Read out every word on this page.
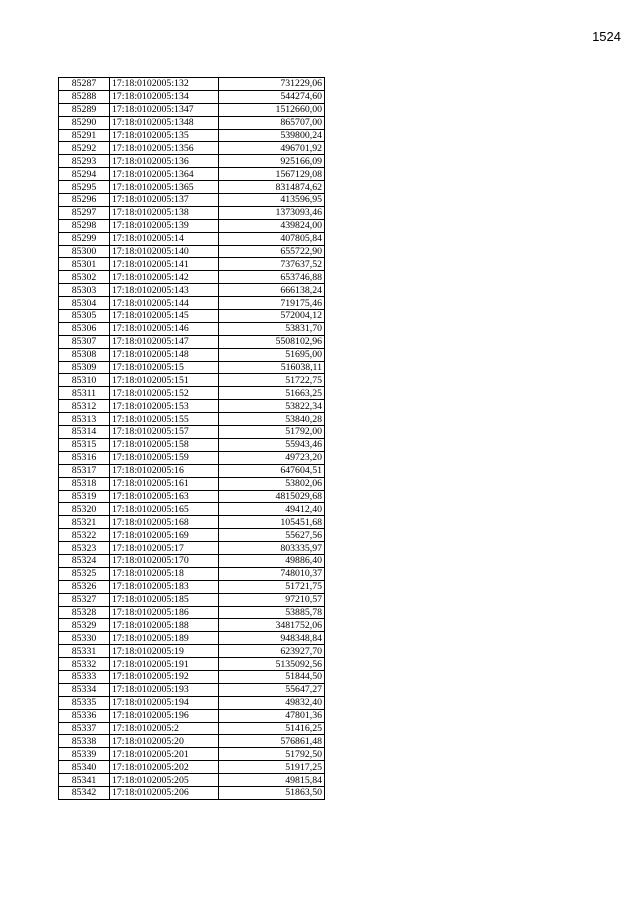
1524
85287	17:18:0102005:132	731229,06
85288	17:18:0102005:134	544274,60
85289	17:18:0102005:1347	1512660,00
85290	17:18:0102005:1348	865707,00
85291	17:18:0102005:135	539800,24
85292	17:18:0102005:1356	496701,92
85293	17:18:0102005:136	925166,09
85294	17:18:0102005:1364	1567129,08
85295	17:18:0102005:1365	8314874,62
85296	17:18:0102005:137	413596,95
85297	17:18:0102005:138	1373093,46
85298	17:18:0102005:139	439824,00
85299	17:18:0102005:14	407805,84
85300	17:18:0102005:140	655722,90
85301	17:18:0102005:141	737637,52
85302	17:18:0102005:142	653746,88
85303	17:18:0102005:143	666138,24
85304	17:18:0102005:144	719175,46
85305	17:18:0102005:145	572004,12
85306	17:18:0102005:146	53831,70
85307	17:18:0102005:147	5508102,96
85308	17:18:0102005:148	51695,00
85309	17:18:0102005:15	516038,11
85310	17:18:0102005:151	51722,75
85311	17:18:0102005:152	51663,25
85312	17:18:0102005:153	53822,34
85313	17:18:0102005:155	53840,28
85314	17:18:0102005:157	51792,00
85315	17:18:0102005:158	55943,46
85316	17:18:0102005:159	49723,20
85317	17:18:0102005:16	647604,51
85318	17:18:0102005:161	53802,06
85319	17:18:0102005:163	4815029,68
85320	17:18:0102005:165	49412,40
85321	17:18:0102005:168	105451,68
85322	17:18:0102005:169	55627,56
85323	17:18:0102005:17	803335,97
85324	17:18:0102005:170	49886,40
85325	17:18:0102005:18	748010,37
85326	17:18:0102005:183	51721,75
85327	17:18:0102005:185	97210,57
85328	17:18:0102005:186	53885,78
85329	17:18:0102005:188	3481752,06
85330	17:18:0102005:189	948348,84
85331	17:18:0102005:19	623927,70
85332	17:18:0102005:191	5135092,56
85333	17:18:0102005:192	51844,50
85334	17:18:0102005:193	55647,27
85335	17:18:0102005:194	49832,40
85336	17:18:0102005:196	47801,36
85337	17:18:0102005:2	51416,25
85338	17:18:0102005:20	576861,48
85339	17:18:0102005:201	51792,50
85340	17:18:0102005:202	51917,25
85341	17:18:0102005:205	49815,84
85342	17:18:0102005:206	51863,50
